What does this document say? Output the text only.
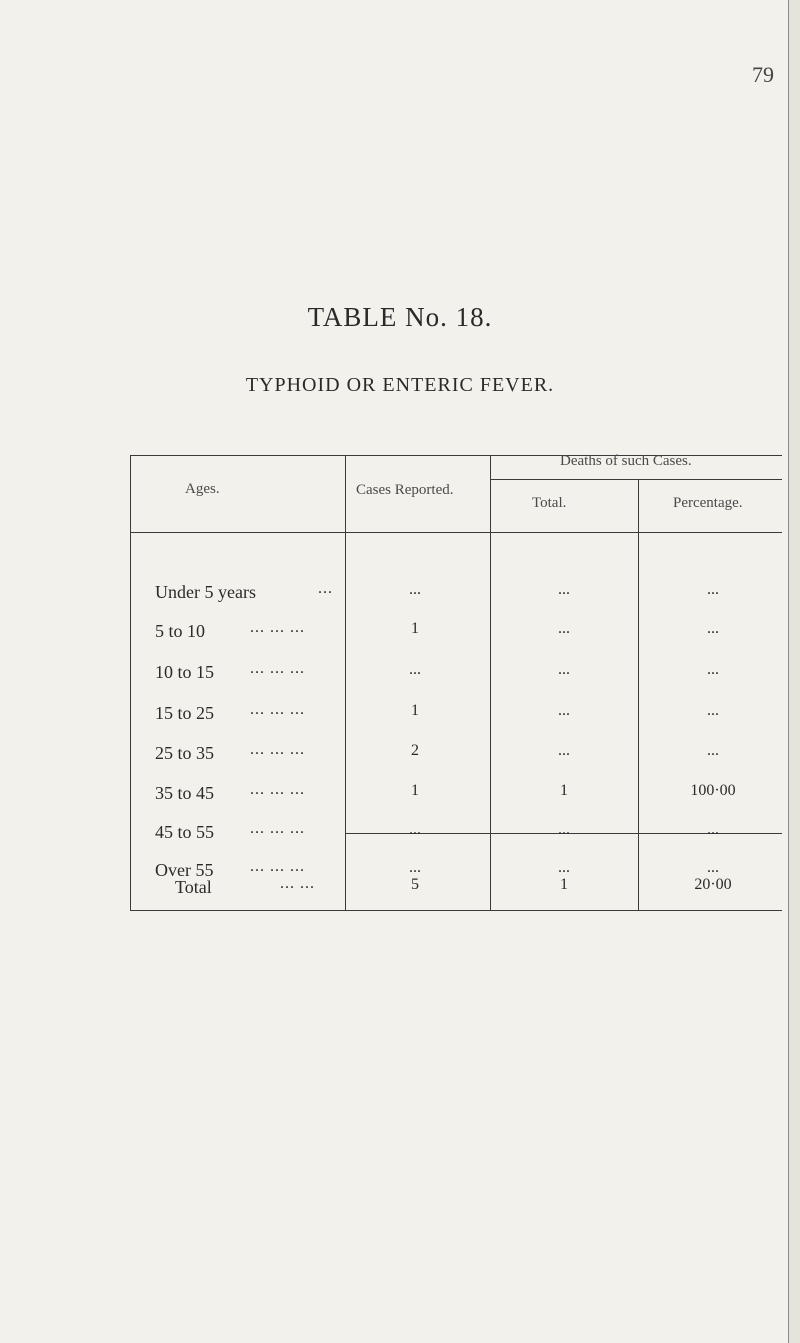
79
TABLE No. 18.
TYPHOID OR ENTERIC FEVER.
Ages.	Cases Reported.
Deaths of such Cases.
Total.	Percentage.
Under 5 years	...	...	...	...
5 to 10	... ... ...	1	...	...
10 to 15 ... ... ...	...	...	...
15 to 25 ... ... ...	1	...	...
25 to 35 ... ... ...	2	...	...
35 to 45 ... ... ...	1	1	100·00
45 to 55 ... ... ...	...	...	...
Over 55 ... ... ...	...	...	...
Total	... ...	5	1	20·00
